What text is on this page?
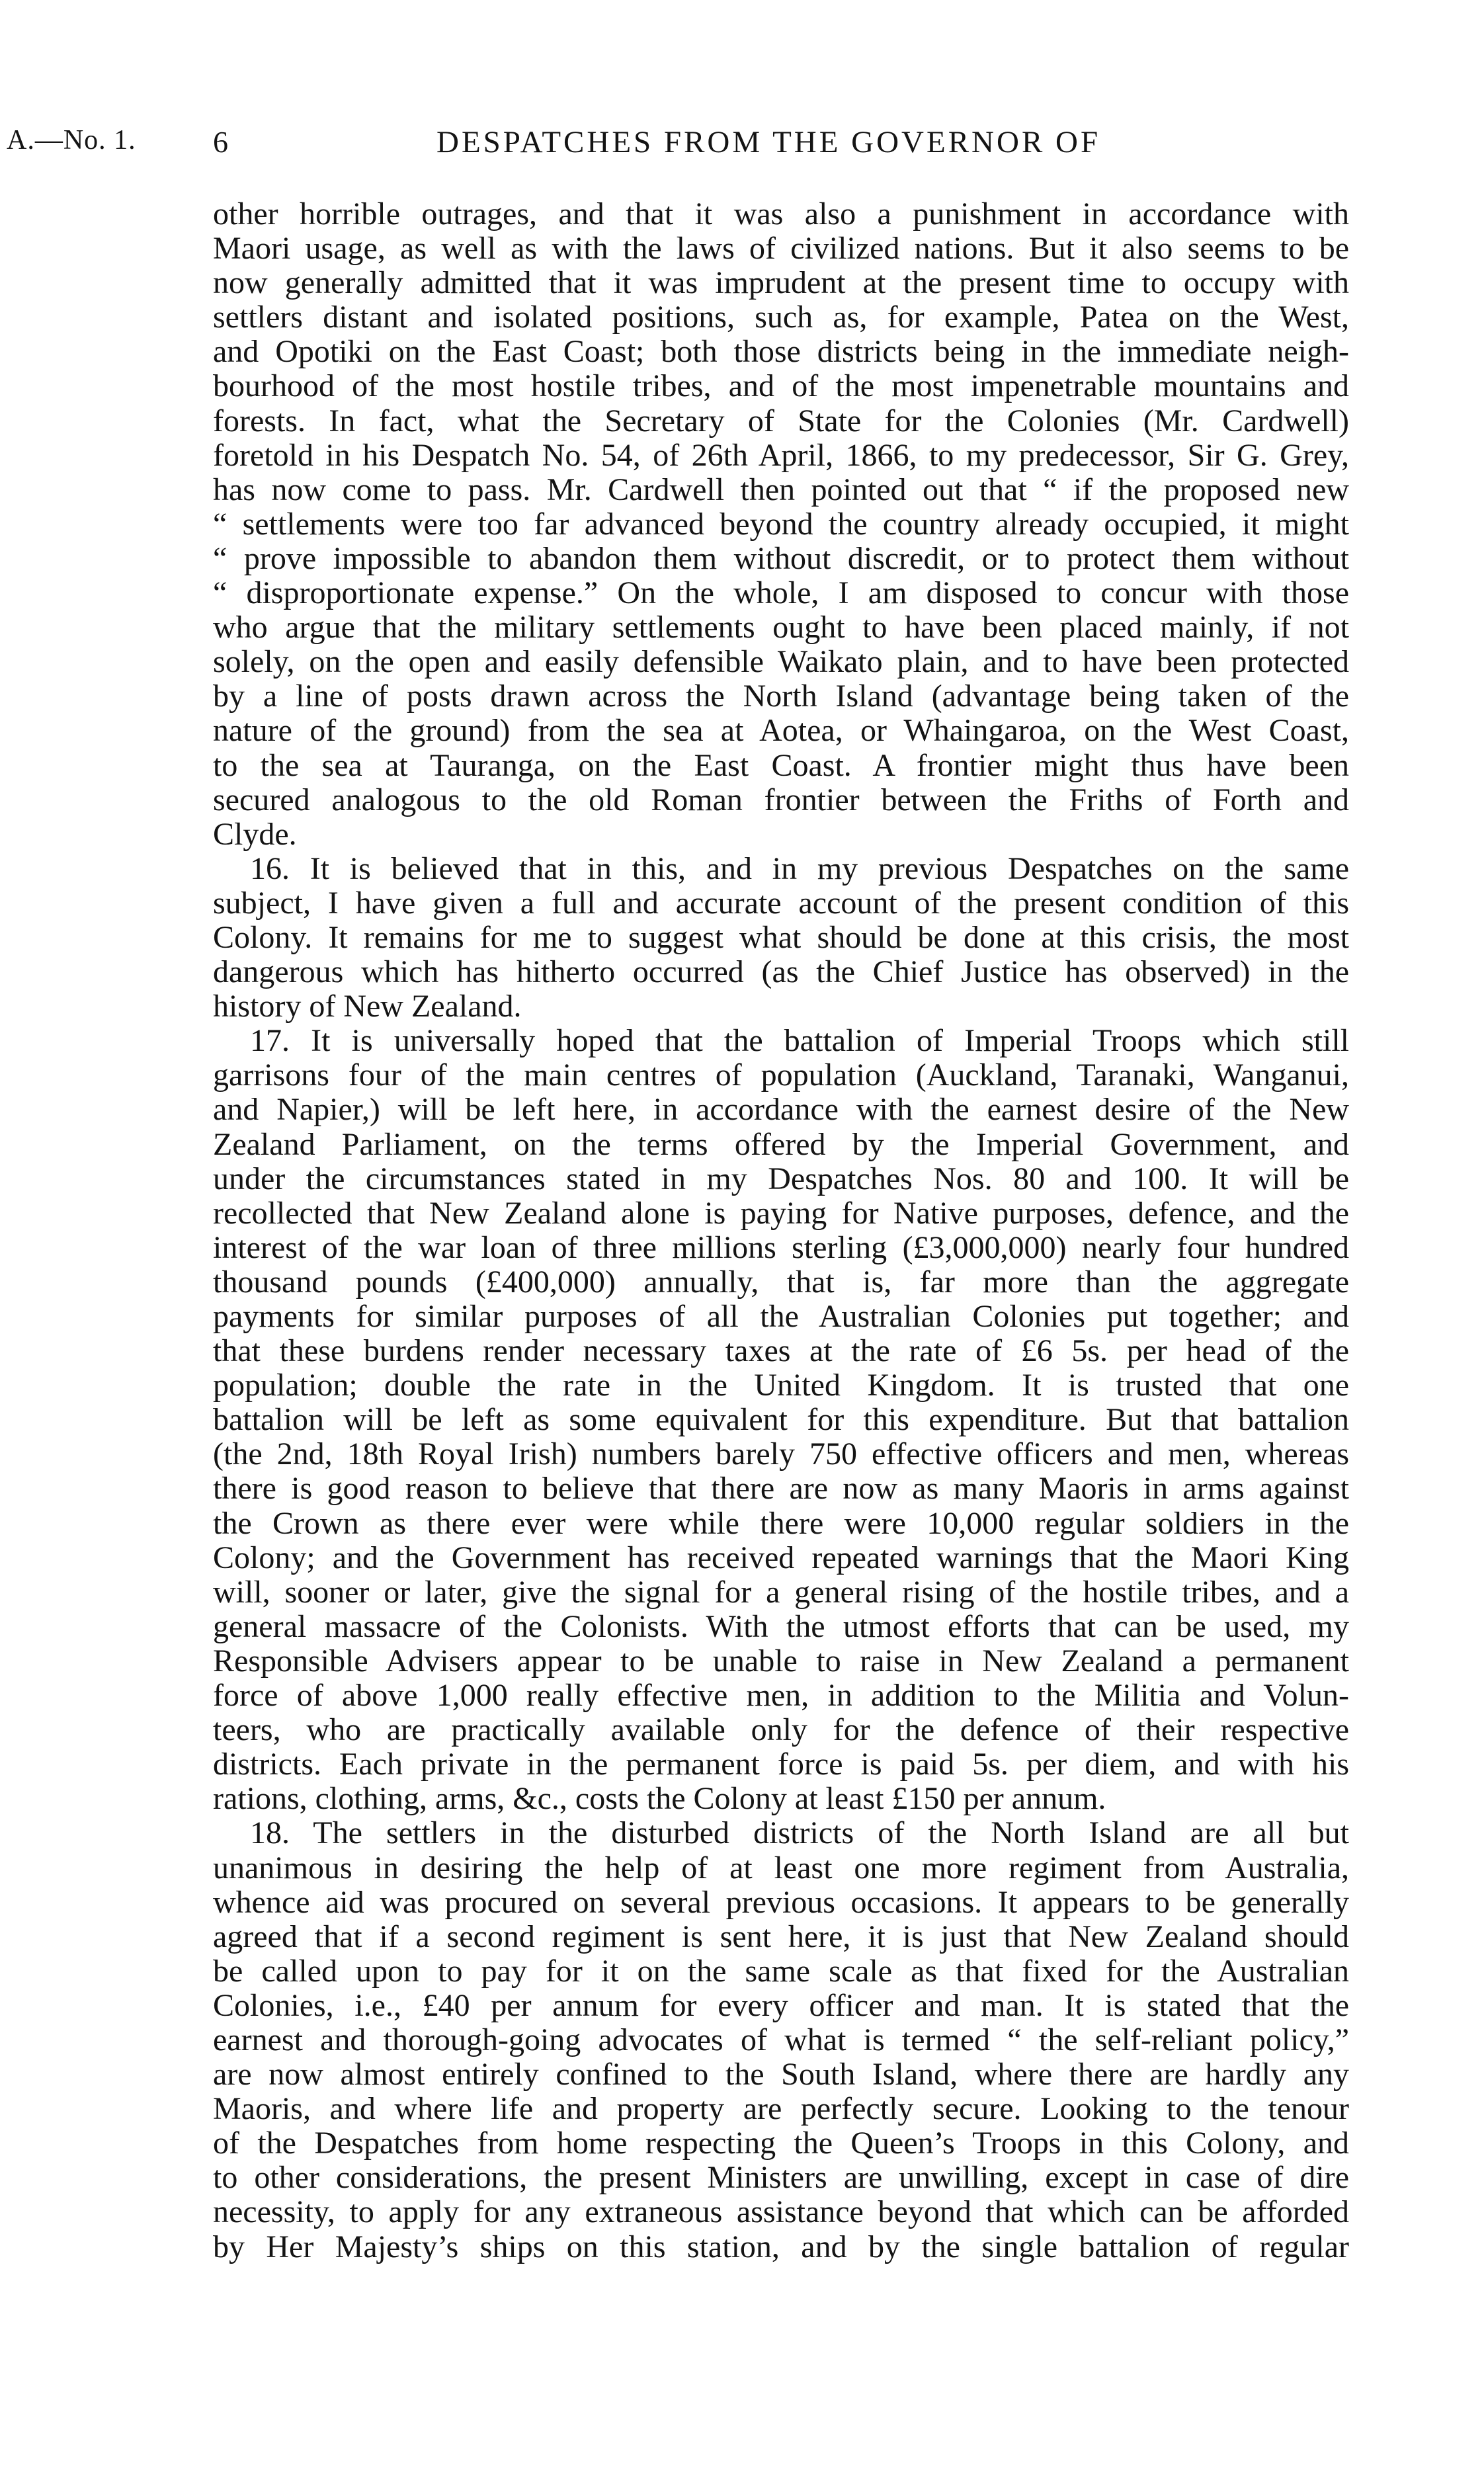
A.—No. 1.	6	DESPATCHES FROM THE GOVERNOR OF
other horrible outrages, and that it was also a punishment in accordance with
Maori usage, as well as with the laws of civilized nations. But it also seems to be
now generally admitted that it was imprudent at the present time to occupy with
settlers distant and isolated positions, such as, for example, Patea on the West,
and Opotiki on the East Coast; both those districts being in the immediate neigh-
bourhood of the most hostile tribes, and of the most impenetrable mountains and
forests. In fact, what the Secretary of State for the Colonies (Mr. Cardwell)
foretold in his Despatch No. 54, of 26th April, 1866, to my predecessor, Sir G. Grey,
has now come to pass. Mr. Cardwell then pointed out that “ if the proposed new
“ settlements were too far advanced beyond the country already occupied, it might
“ prove impossible to abandon them without discredit, or to protect them without
“ disproportionate expense.” On the whole, I am disposed to concur with those
who argue that the military settlements ought to have been placed mainly, if not
solely, on the open and easily defensible Waikato plain, and to have been protected
by a line of posts drawn across the North Island (advantage being taken of the
nature of the ground) from the sea at Aotea, or Whaingaroa, on the West Coast,
to the sea at Tauranga, on the East Coast. A frontier might thus have been
secured analogous to the old Roman frontier between the Friths of Forth and
Clyde.
16. It is believed that in this, and in my previous Despatches on the same
subject, I have given a full and accurate account of the present condition of this
Colony. It remains for me to suggest what should be done at this crisis, the most
dangerous which has hitherto occurred (as the Chief Justice has observed) in the
history of New Zealand.
17. It is universally hoped that the battalion of Imperial Troops which still
garrisons four of the main centres of population (Auckland, Taranaki, Wanganui,
and Napier,) will be left here, in accordance with the earnest desire of the New
Zealand Parliament, on the terms offered by the Imperial Government, and
under the circumstances stated in my Despatches Nos. 80 and 100. It will be
recollected that New Zealand alone is paying for Native purposes, defence, and the
interest of the war loan of three millions sterling (£3,000,000) nearly four hundred
thousand pounds (£400,000) annually, that is, far more than the aggregate
payments for similar purposes of all the Australian Colonies put together; and
that these burdens render necessary taxes at the rate of £6 5s. per head of the
population; double the rate in the United Kingdom. It is trusted that one
battalion will be left as some equivalent for this expenditure. But that battalion
(the 2nd, 18th Royal Irish) numbers barely 750 effective officers and men, whereas
there is good reason to believe that there are now as many Maoris in arms against
the Crown as there ever were while there were 10,000 regular soldiers in the
Colony; and the Government has received repeated warnings that the Maori King
will, sooner or later, give the signal for a general rising of the hostile tribes, and a
general massacre of the Colonists. With the utmost efforts that can be used, my
Responsible Advisers appear to be unable to raise in New Zealand a permanent
force of above 1,000 really effective men, in addition to the Militia and Volun-
teers, who are practically available only for the defence of their respective
districts. Each private in the permanent force is paid 5s. per diem, and with his
rations, clothing, arms, &c., costs the Colony at least £150 per annum.
18. The settlers in the disturbed districts of the North Island are all but
unanimous in desiring the help of at least one more regiment from Australia,
whence aid was procured on several previous occasions. It appears to be generally
agreed that if a second regiment is sent here, it is just that New Zealand should
be called upon to pay for it on the same scale as that fixed for the Australian
Colonies, i.e., £40 per annum for every officer and man. It is stated that the
earnest and thorough-going advocates of what is termed “ the self-reliant policy,”
are now almost entirely confined to the South Island, where there are hardly any
Maoris, and where life and property are perfectly secure. Looking to the tenour
of the Despatches from home respecting the Queen’s Troops in this Colony, and
to other considerations, the present Ministers are unwilling, except in case of dire
necessity, to apply for any extraneous assistance beyond that which can be afforded
by Her Majesty’s ships on this station, and by the single battalion of regular
